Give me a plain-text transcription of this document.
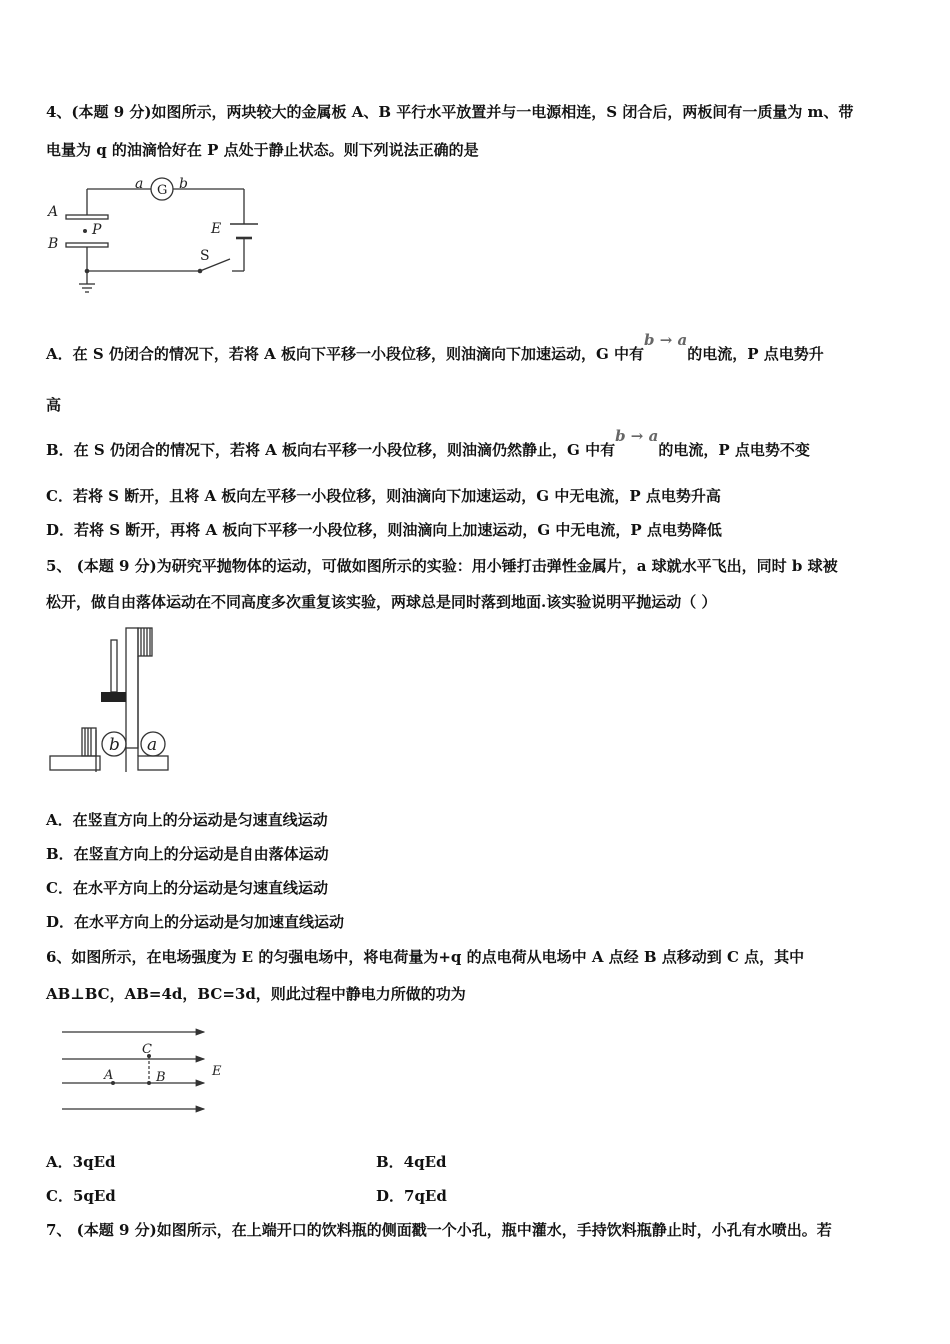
4、(本题 9 分)如图所示，两块较大的金属板 A、B 平行水平放置并与一电源相连，S 闭合后，两板间有一质量为 m、带
电量为 q 的油滴恰好在 P 点处于静止状态。则下列说法正确的是
a G b
A
P
B
E
S
A．在 S 仍闭合的情况下，若将 A 板向下平移一小段位移，则油滴向下加速运动，G 中有b → a的电流，P 点电势升
高
B．在 S 仍闭合的情况下，若将 A 板向右平移一小段位移，则油滴仍然静止，G 中有b → a的电流，P 点电势不变
C．若将 S 断开，且将 A 板向左平移一小段位移，则油滴向下加速运动，G 中无电流，P 点电势升高
D．若将 S 断开，再将 A 板向下平移一小段位移，则油滴向上加速运动，G 中无电流，P 点电势降低
5、 (本题 9 分)为研究平抛物体的运动，可做如图所示的实验：用小锤打击弹性金属片，a 球就水平飞出，同时 b 球被
松开，做自由落体运动在不同高度多次重复该实验，两球总是同时落到地面.该实验说明平抛运动（ ）
b a
A．在竖直方向上的分运动是匀速直线运动
B．在竖直方向上的分运动是自由落体运动
C．在水平方向上的分运动是匀速直线运动
D．在水平方向上的分运动是匀加速直线运动
6、如图所示，在电场强度为 E 的匀强电场中，将电荷量为+q 的点电荷从电场中 A 点经 B 点移动到 C 点，其中
AB⊥BC，AB=4d，BC=3d，则此过程中静电力所做的功为
C
A	B	E
A．3qEd	B．4qEd
C．5qEd	D．7qEd
7、 (本题 9 分)如图所示，在上端开口的饮料瓶的侧面戳一个小孔，瓶中灌水，手持饮料瓶静止时，小孔有水喷出。若
